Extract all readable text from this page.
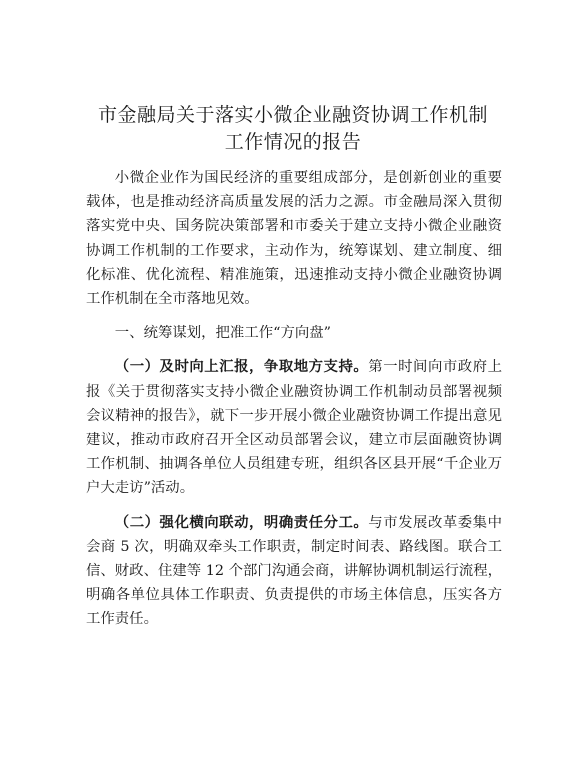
市金融局关于落实小微企业融资协调工作机制
工作情况的报告

小微企业作为国民经济的重要组成部分，是创新创业的重要载体，也是推动经济高质量发展的活力之源。市金融局深入贯彻落实党中央、国务院决策部署和市委关于建立支持小微企业融资协调工作机制的工作要求，主动作为，统筹谋划、建立制度、细化标准、优化流程、精准施策，迅速推动支持小微企业融资协调工作机制在全市落地见效。

一、统筹谋划，把准工作“方向盘”

（一）及时向上汇报，争取地方支持。第一时间向市政府上报《关于贯彻落实支持小微企业融资协调工作机制动员部署视频会议精神的报告》，就下一步开展小微企业融资协调工作提出意见建议，推动市政府召开全区动员部署会议，建立市层面融资协调工作机制、抽调各单位人员组建专班，组织各区县开展“千企业万户大走访”活动。

（二）强化横向联动，明确责任分工。与市发展改革委集中会商 5 次，明确双牵头工作职责，制定时间表、路线图。联合工信、财政、住建等 12 个部门沟通会商，讲解协调机制运行流程，明确各单位具体工作职责、负责提供的市场主体信息，压实各方工作责任。
